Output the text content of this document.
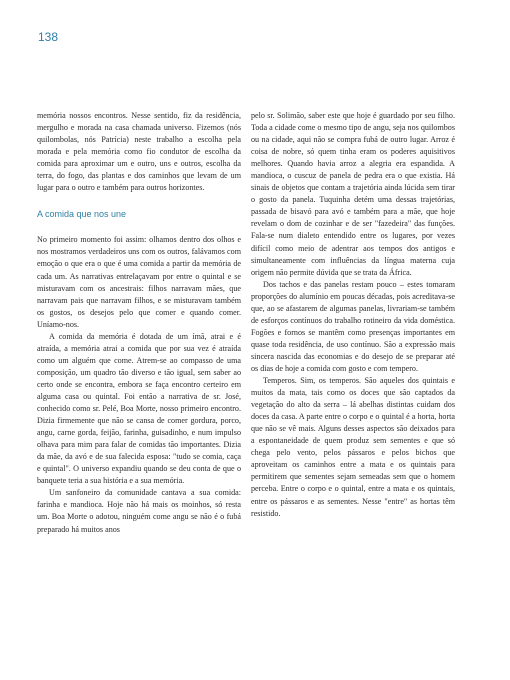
138

memória nossos encontros. Nesse sentido, fiz da residência, mergulho e morada na casa chamada universo. Fizemos (nós quilombolas, nós Patrícia) neste trabalho a escolha pela morada e pela memória como fio condutor de escolha da comida para aproximar um e outro, uns e outros, escolha da terra, do fogo, das plantas e dos caminhos que levam de um lugar para o outro e também para outros horizontes.

A comida que nos une

No primeiro momento foi assim: olhamos dentro dos olhos e nos mostramos verdadeiros uns com os outros, falávamos com emoção o que era o que é uma comida a partir da memória de cada um. As narrativas entrelaçavam por entre o quintal e se misturavam com os ancestrais: filhos narravam mães, que narravam pais que narravam filhos, e se misturavam também os gostos, os desejos pelo que comer e quando comer. Uníamo-nos.

A comida da memória é dotada de um ímã, atrai e é atraída, a memória atrai a comida que por sua vez é atraída como um alguém que come. Atrem-se ao compasso de uma composição, um quadro tão diverso e tão igual, sem saber ao certo onde se encontra, embora se faça encontro certeiro em alguma casa ou quintal. Foi então a narrativa de sr. José, conhecido como sr. Pelé, Boa Morte, nosso primeiro encontro. Dizia firmemente que não se cansa de comer gordura, porco, angu, carne gorda, feijão, farinha, guisadinho, e num impulso olhava para mim para falar de comidas tão importantes. Dizia da mãe, da avó e de sua falecida esposa: "tudo se comia, caça e quintal". O universo expandiu quando se deu conta de que o banquete teria a sua história e a sua memória.

Um sanfoneiro da comunidade cantava a sua comida: farinha e mandioca. Hoje não há mais os moinhos, só resta um. Boa Morte o adotou, ninguém come angu se não é o fubá preparado há muitos anos

pelo sr. Solimão, saber este que hoje é guardado por seu filho. Toda a cidade come o mesmo tipo de angu, seja nos quilombos ou na cidade, aqui não se compra fubá de outro lugar. Arroz é coisa de nobre, só quem tinha eram os poderes aquisitivos melhores. Quando havia arroz a alegria era espandida. A mandioca, o cuscuz de panela de pedra era o que existia. Há sinais de objetos que contam a trajetória ainda lúcida sem tirar o gosto da panela. Tuquinha detém uma dessas trajetórias, passada de bisavó para avó e também para a mãe, que hoje revelam o dom de cozinhar e de ser "fazedeira" das funções. Fala-se num dialeto entendido entre os lugares, por vezes difícil como meio de adentrar aos tempos dos antigos e simultaneamente com influências da língua materna cuja origem não permite dúvida que se trata da África.

Dos tachos e das panelas restam pouco – estes tomaram proporções do alumínio em poucas décadas, pois acreditava-se que, ao se afastarem de algumas panelas, livrariam-se também de esforços contínuos do trabalho rotineiro da vida doméstica. Fogões e fornos se mantêm como presenças importantes em quase toda residência, de uso contínuo. São a expressão mais sincera nascida das economias e do desejo de se preparar até os dias de hoje a comida com gosto e com tempero.

Temperos. Sim, os temperos. São aqueles dos quintais e muitos da mata, tais como os doces que são captados da vegetação do alto da serra – lá abelhas distintas cuidam dos doces da casa. A parte entre o corpo e o quintal é a horta, horta que não se vê mais. Alguns desses aspectos são deixados para a espontaneidade de quem produz sem sementes e que só chega pelo vento, pelos pássaros e pelos bichos que aproveitam os caminhos entre a mata e os quintais para permitirem que sementes sejam semeadas sem que o homem perceba. Entre o corpo e o quintal, entre a mata e os quintais, entre os pássaros e as sementes. Nesse "entre" as hortas têm resistido.
